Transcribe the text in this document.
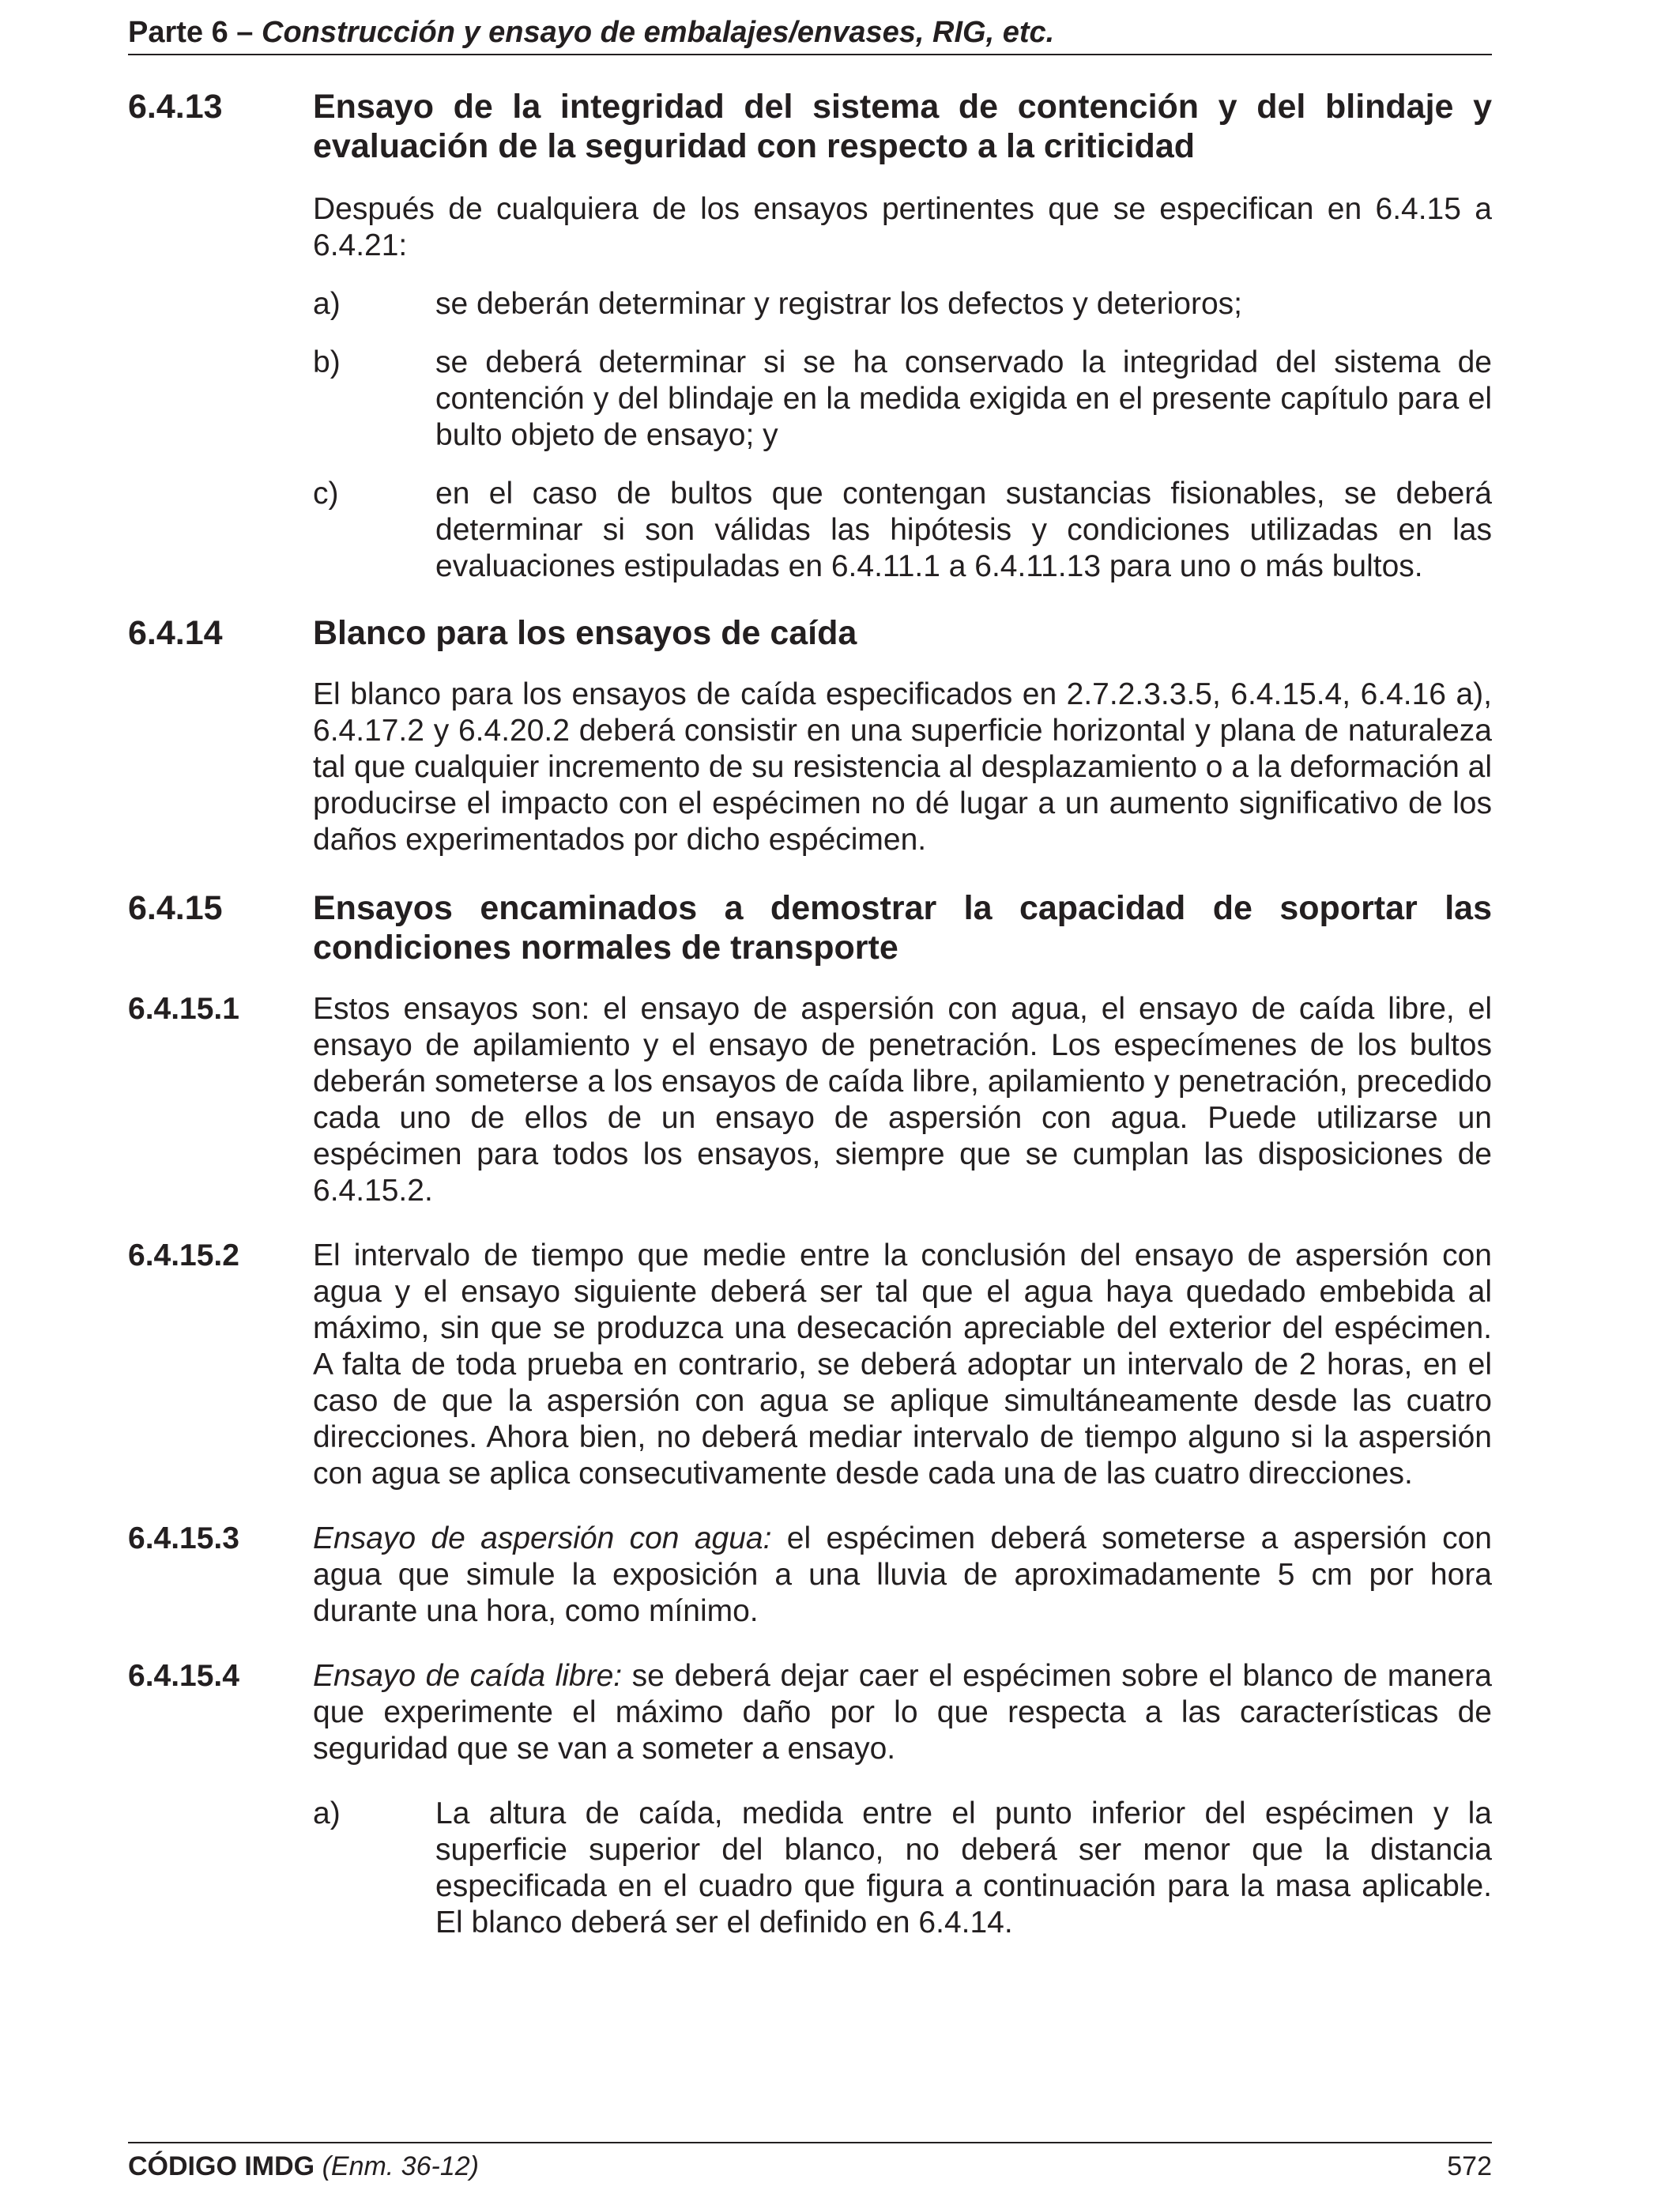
Parte 6 – Construcción y ensayo de embalajes/envases, RIG, etc.
6.4.13	Ensayo de la integridad del sistema de contención y del blindaje y evaluación de la seguridad con respecto a la criticidad
Después de cualquiera de los ensayos pertinentes que se especifican en 6.4.15 a 6.4.21:
a)	se deberán determinar y registrar los defectos y deterioros;
b)	se deberá determinar si se ha conservado la integridad del sistema de contención y del blindaje en la medida exigida en el presente capítulo para el bulto objeto de ensayo; y
c)	en el caso de bultos que contengan sustancias fisionables, se deberá determinar si son válidas las hipótesis y condiciones utilizadas en las evaluaciones estipuladas en 6.4.11.1 a 6.4.11.13 para uno o más bultos.
6.4.14	Blanco para los ensayos de caída
El blanco para los ensayos de caída especificados en 2.7.2.3.3.5, 6.4.15.4, 6.4.16 a), 6.4.17.2 y 6.4.20.2 deberá consistir en una superficie horizontal y plana de naturaleza tal que cualquier incremento de su resistencia al desplazamiento o a la deformación al producirse el impacto con el espécimen no dé lugar a un aumento significativo de los daños experimentados por dicho espécimen.
6.4.15	Ensayos encaminados a demostrar la capacidad de soportar las condiciones normales de transporte
6.4.15.1	Estos ensayos son: el ensayo de aspersión con agua, el ensayo de caída libre, el ensayo de apilamiento y el ensayo de penetración. Los especímenes de los bultos deberán someterse a los ensayos de caída libre, apilamiento y penetración, precedido cada uno de ellos de un ensayo de aspersión con agua. Puede utilizarse un espécimen para todos los ensayos, siempre que se cumplan las disposiciones de 6.4.15.2.
6.4.15.2	El intervalo de tiempo que medie entre la conclusión del ensayo de aspersión con agua y el ensayo siguiente deberá ser tal que el agua haya quedado embebida al máximo, sin que se produzca una desecación apreciable del exterior del espécimen. A falta de toda prueba en contrario, se deberá adoptar un intervalo de 2 horas, en el caso de que la aspersión con agua se aplique simultáneamente desde las cuatro direcciones. Ahora bien, no deberá mediar intervalo de tiempo alguno si la aspersión con agua se aplica consecutivamente desde cada una de las cuatro direcciones.
6.4.15.3	Ensayo de aspersión con agua: el espécimen deberá someterse a aspersión con agua que simule la exposición a una lluvia de aproximadamente 5 cm por hora durante una hora, como mínimo.
6.4.15.4	Ensayo de caída libre: se deberá dejar caer el espécimen sobre el blanco de manera que experimente el máximo daño por lo que respecta a las características de seguridad que se van a someter a ensayo.
a)	La altura de caída, medida entre el punto inferior del espécimen y la superficie superior del blanco, no deberá ser menor que la distancia especificada en el cuadro que figura a continuación para la masa aplicable. El blanco deberá ser el definido en 6.4.14.
CÓDIGO IMDG (Enm. 36-12)	572
